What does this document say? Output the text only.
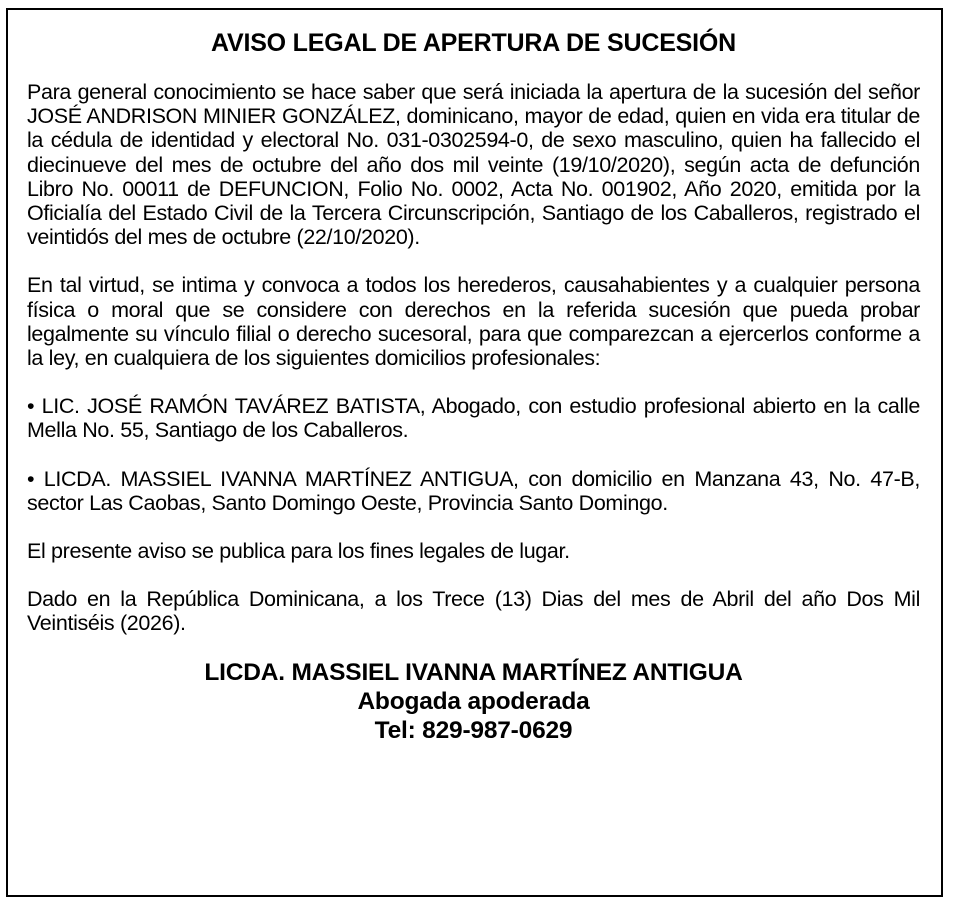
AVISO LEGAL DE APERTURA DE SUCESIÓN

Para general conocimiento se hace saber que será iniciada la apertura de la sucesión del señor JOSÉ ANDRISON MINIER GONZÁLEZ, dominicano, mayor de edad, quien en vida era titular de la cédula de identidad y electoral No. 031-0302594-0, de sexo masculino, quien ha fallecido el diecinueve del mes de octubre del año dos mil veinte (19/10/2020), según acta de defunción Libro No. 00011 de DEFUNCION, Folio No. 0002, Acta No. 001902, Año 2020, emitida por la Oficialía del Estado Civil de la Tercera Circunscripción, Santiago de los Caballeros, registrado el veintidós del mes de octubre (22/10/2020).

En tal virtud, se intima y convoca a todos los herederos, causahabientes y a cualquier persona física o moral que se considere con derechos en la referida sucesión que pueda probar legalmente su vínculo filial o derecho sucesoral, para que comparezcan a ejercerlos conforme a la ley, en cualquiera de los siguientes domicilios profesionales:

• LIC. JOSÉ RAMÓN TAVÁREZ BATISTA, Abogado, con estudio profesional abierto en la calle Mella No. 55, Santiago de los Caballeros.

• LICDA. MASSIEL IVANNA MARTÍNEZ ANTIGUA, con domicilio en Manzana 43, No. 47-B, sector Las Caobas, Santo Domingo Oeste, Provincia Santo Domingo.

El presente aviso se publica para los fines legales de lugar.

Dado en la República Dominicana, a los Trece (13) Dias del mes de Abril del año Dos Mil Veintiséis (2026).

LICDA. MASSIEL IVANNA MARTÍNEZ ANTIGUA
Abogada apoderada
Tel: 829-987-0629
